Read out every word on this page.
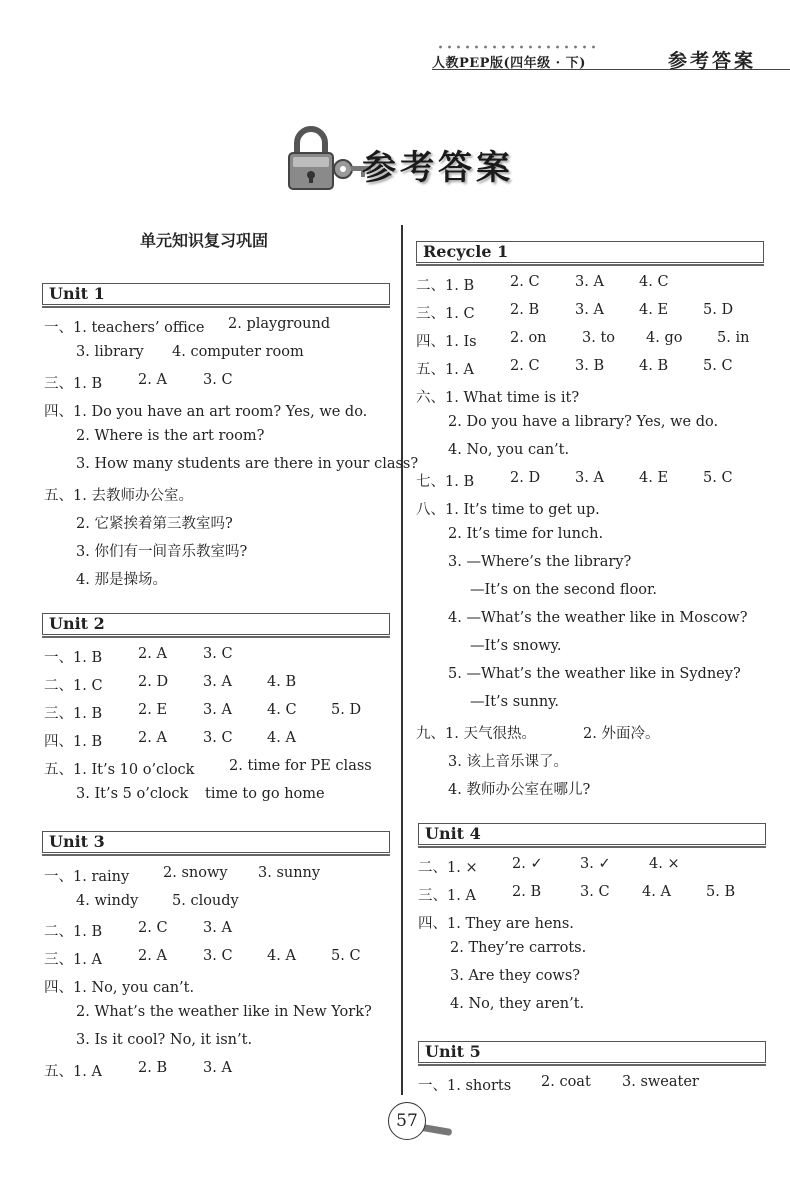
人教PEP版(四年级 · 下)	参考答案
参考答案
单元知识复习巩固
Unit 1
Unit 2
Unit 3
一、1. teachers’ office 2. playground
3. library 4. computer room
三、1. B 2. A 3. C
四、1. Do you have an art room? Yes, we do.
2. Where is the art room?
3. How many students are there in your class?
五、1. 去教师办公室。
2. 它紧挨着第三教室吗?
3. 你们有一间音乐教室吗?
4. 那是操场。
一、1. B 2. A 3. C
二、1. C 2. D 3. A 4. B
三、1. B 2. E 3. A 4. C 5. D
四、1. B 2. A 3. C 4. A
五、1. It’s 10 o’clock 2. time for PE class
3. It’s 5 o’clock time to go home
一、1. rainy 2. snowy 3. sunny
4. windy 5. cloudy
二、1. B 2. C 3. A
三、1. A 2. A 3. C 4. A 5. C
四、1. No, you can’t.
2. What’s the weather like in New York?
3. Is it cool? No, it isn’t.
五、1. A 2. B 3. A
Recycle 1
Unit 4
Unit 5
二、1. B 2. C 3. A 4. C
三、1. C 2. B 3. A 4. E 5. D
四、1. Is 2. on 3. to 4. go 5. in
五、1. A 2. C 3. B 4. B 5. C
六、1. What time is it?
2. Do you have a library? Yes, we do.
4. No, you can’t.
七、1. B 2. D 3. A 4. E 5. C
八、1. It’s time to get up.
2. It’s time for lunch.
3. —Where’s the library?
—It’s on the second floor.
4. —What’s the weather like in Moscow?
—It’s snowy.
5. —What’s the weather like in Sydney?
—It’s sunny.
九、1. 天气很热。	2. 外面冷。
3. 该上音乐课了。
4. 教师办公室在哪儿?
二、1. × 2. ✓	3. ✓	4. ×
三、1. A 2. B	3. C 4. A 5. B
四、1. They are hens.
2. They’re carrots.
3. Are they cows?
4. No, they aren’t.
一、1. shorts 2. coat 3. sweater
57
